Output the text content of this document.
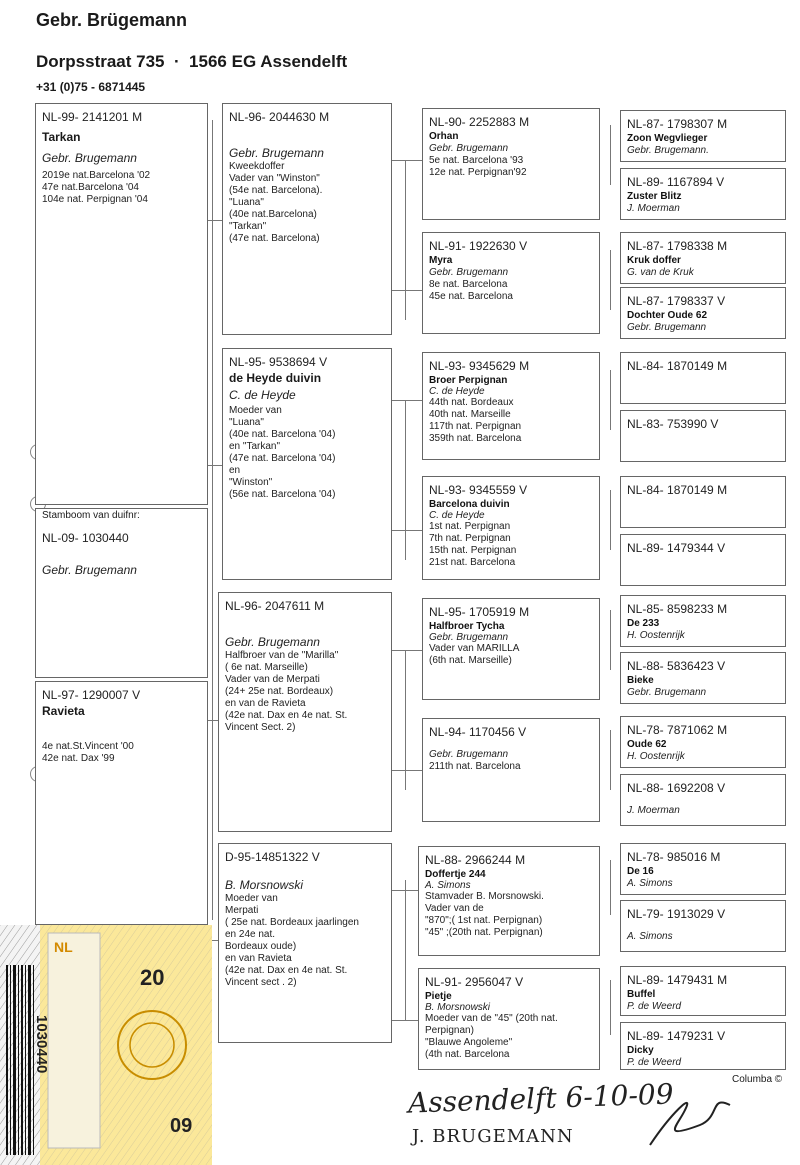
Gebr. Brügemann
Dorpsstraat 735  ·  1566 EG Assendelft
+31 (0)75 - 6871445
NL-99- 2141201 M
Tarkan
Gebr. Brugemann
2019e nat.Barcelona '02
47e nat.Barcelona '04
104e nat. Perpignan '04
Stamboom van duifnr:
NL-09- 1030440
Gebr. Brugemann
NL-97- 1290007 V
Ravieta
4e nat.St.Vincent '00
42e nat. Dax '99
NL-96- 2044630 M
Gebr. Brugemann
Kweekdoffer
Vader van "Winston"
(54e nat. Barcelona).
"Luana"
(40e nat.Barcelona)
"Tarkan"
(47e nat. Barcelona)
NL-95- 9538694 V
de Heyde duivin
C. de Heyde
Moeder van
"Luana"
(40e nat. Barcelona '04)
en "Tarkan"
(47e nat. Barcelona '04)
en
"Winston"
(56e nat. Barcelona '04)
NL-96- 2047611 M
Gebr. Brugemann
Halfbroer van de "Marilla"
( 6e nat. Marseille)
Vader van de Merpati
(24+ 25e nat. Bordeaux)
en van de Ravieta
(42e nat. Dax en 4e nat. St.
Vincent Sect. 2)
D-95-14851322 V
B. Morsnowski
Moeder van
Merpati
( 25e nat. Bordeaux jaarlingen
en 24e nat.
Bordeaux oude)
en van Ravieta
(42e nat. Dax en 4e nat. St.
Vincent sect . 2)
NL-90- 2252883 M
Orhan
Gebr. Brugemann
5e nat. Barcelona '93
12e nat. Perpignan'92
NL-91- 1922630 V
Myra
Gebr. Brugemann
8e nat. Barcelona
45e nat. Barcelona
NL-93- 9345629 M
Broer Perpignan
C. de Heyde
44th nat. Bordeaux
40th nat. Marseille
117th nat. Perpignan
359th nat. Barcelona
NL-93- 9345559 V
Barcelona duivin
C. de Heyde
1st nat. Perpignan
7th nat. Perpignan
15th nat. Perpignan
21st nat. Barcelona
NL-95- 1705919 M
Halfbroer Tycha
Gebr. Brugemann
Vader van MARILLA
(6th nat. Marseille)
NL-94- 1170456 V
Gebr. Brugemann
211th nat. Barcelona
NL-88- 2966244 M
Doffertje 244
A. Simons
Stamvader B. Morsnowski.
Vader van de
"870";( 1st nat. Perpignan)
"45" ;(20th nat. Perpignan)
NL-91- 2956047 V
Pietje
B. Morsnowski
Moeder van de "45" (20th nat.
Perpignan)
"Blauwe Angoleme"
(4th nat. Barcelona
NL-87- 1798307 M
Zoon Wegvlieger
Gebr. Brugemann.
NL-89- 1167894 V
Zuster Blitz
J. Moerman
NL-87- 1798338 M
Kruk doffer
G. van de Kruk
NL-87- 1798337 V
Dochter Oude 62
Gebr. Brugemann
NL-84- 1870149 M
NL-83- 753990 V
NL-84- 1870149 M
NL-89- 1479344 V
NL-85- 8598233 M
De 233
H. Oostenrijk
NL-88- 5836423 V
Bieke
Gebr. Brugemann
NL-78- 7871062 M
Oude 62
H. Oostenrijk
NL-88- 1692208 V
J. Moerman
NL-78- 985016 M
De 16
A. Simons
NL-79- 1913029 V
A. Simons
NL-89- 1479431 M
Buffel
P. de Weerd
NL-89- 1479231 V
Dicky
P. de Weerd
Columba ©
Assendelft 6-10-09
J. BRUGEMANN
20
09
NL
1030440
